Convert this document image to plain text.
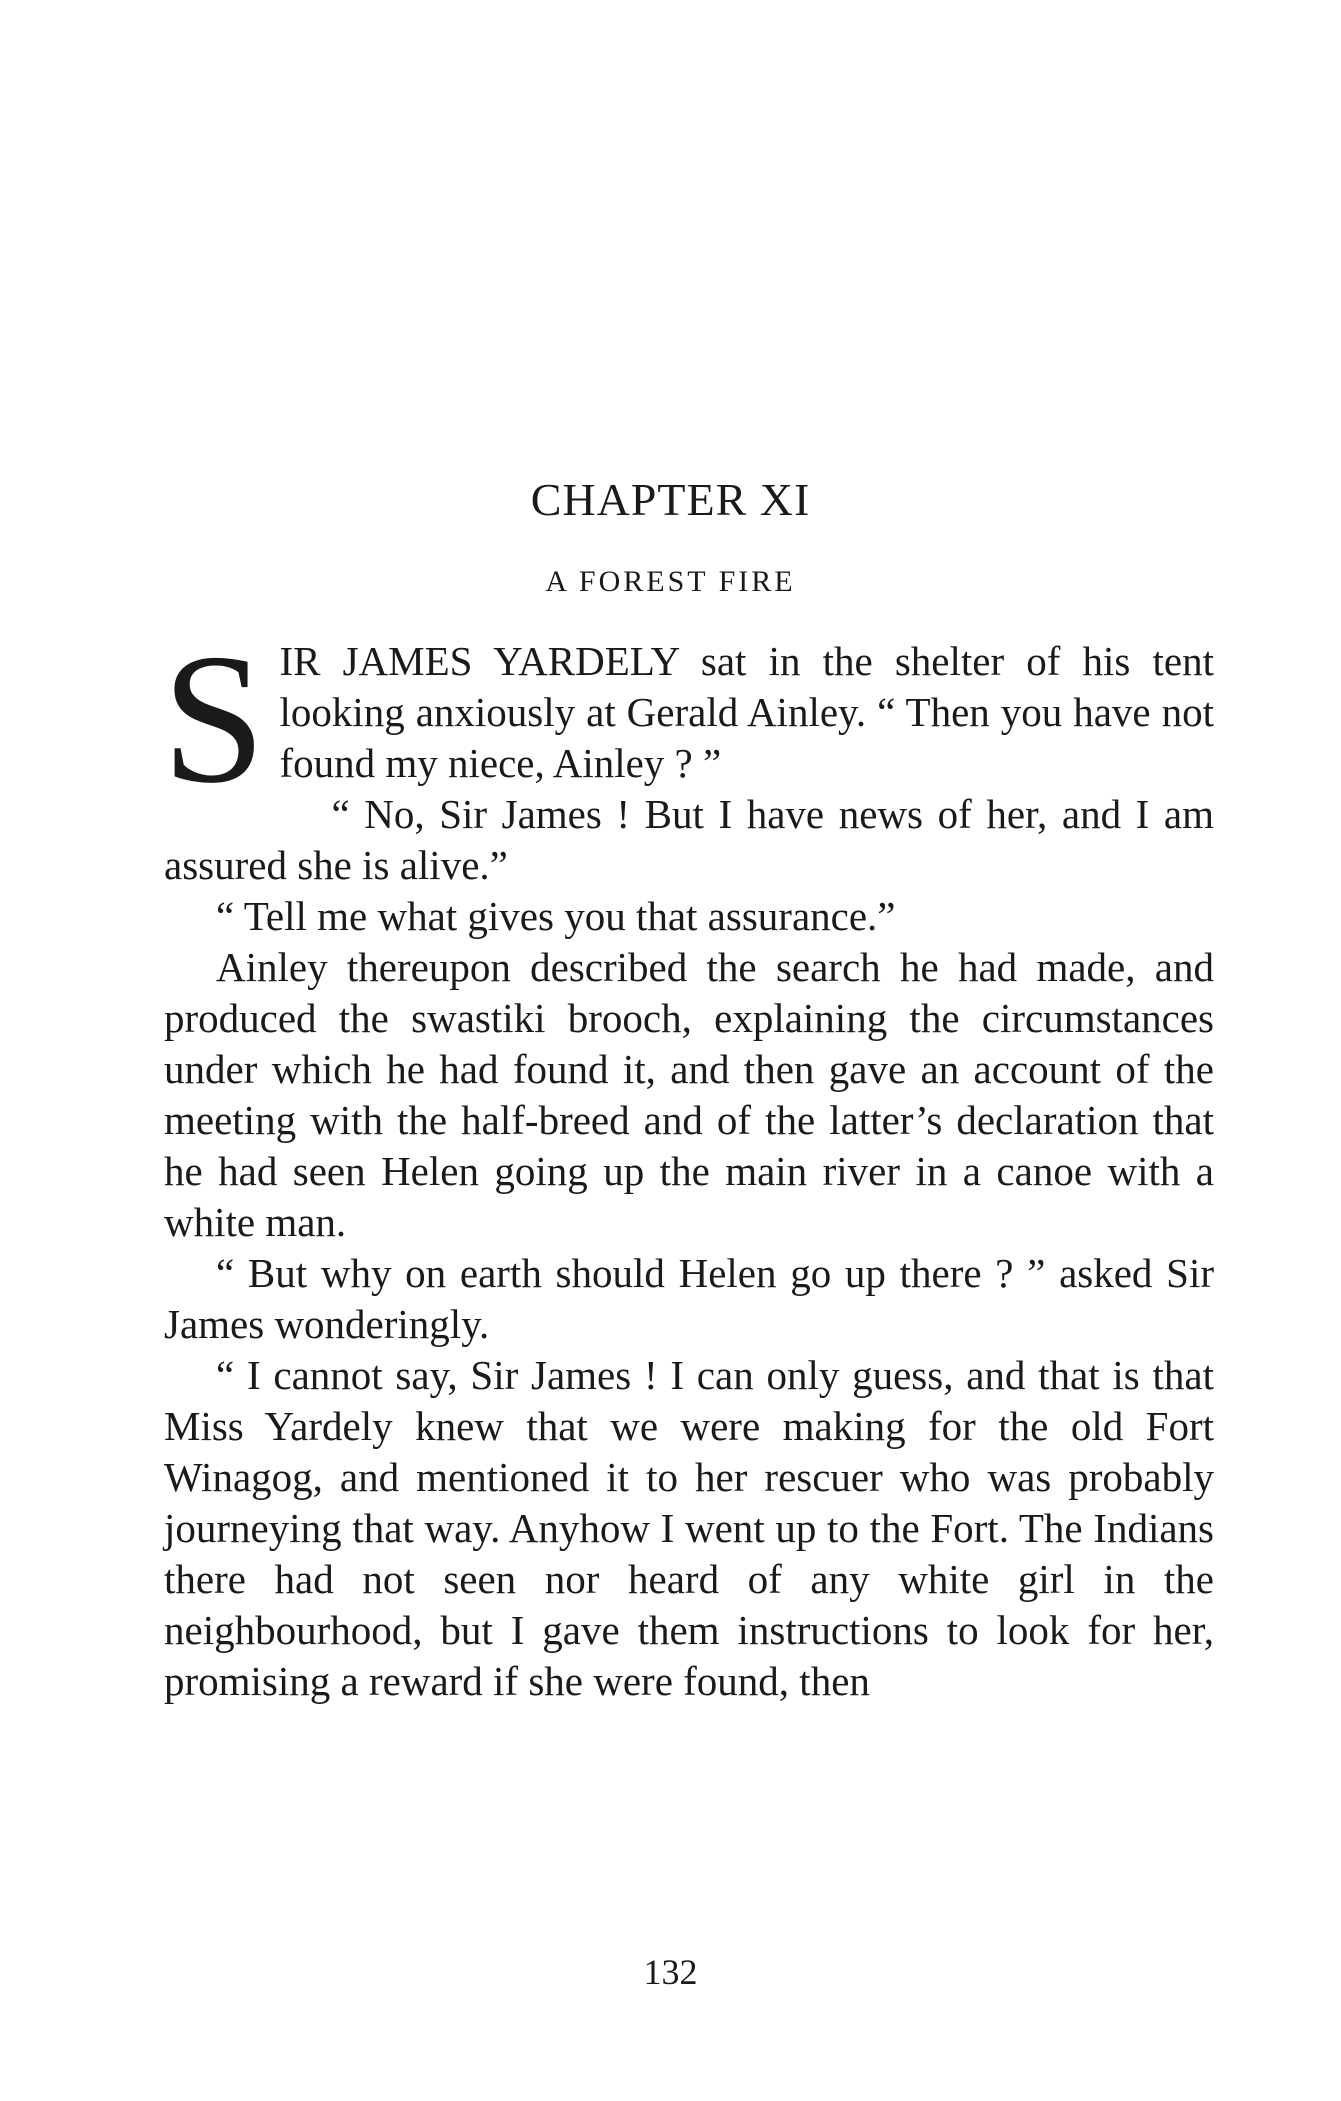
CHAPTER XI
A FOREST FIRE
S IR JAMES YARDELY sat in the shelter of his tent looking anxiously at Gerald Ainley. “ Then you have not found my niece, Ainley ? ”

“ No, Sir James ! But I have news of her, and I am assured she is alive.”

“ Tell me what gives you that assurance.”

Ainley thereupon described the search he had made, and produced the swastiki brooch, explaining the circumstances under which he had found it, and then gave an account of the meeting with the half-breed and of the latter’s declaration that he had seen Helen going up the main river in a canoe with a white man.

“ But why on earth should Helen go up there ? ” asked Sir James wonderingly.

“ I cannot say, Sir James ! I can only guess, and that is that Miss Yardely knew that we were making for the old Fort Winagog, and mentioned it to her rescuer who was probably journeying that way. Anyhow I went up to the Fort. The Indians there had not seen nor heard of any white girl in the neighbourhood, but I gave them instructions to look for her, promising a reward if she were found, then

132
